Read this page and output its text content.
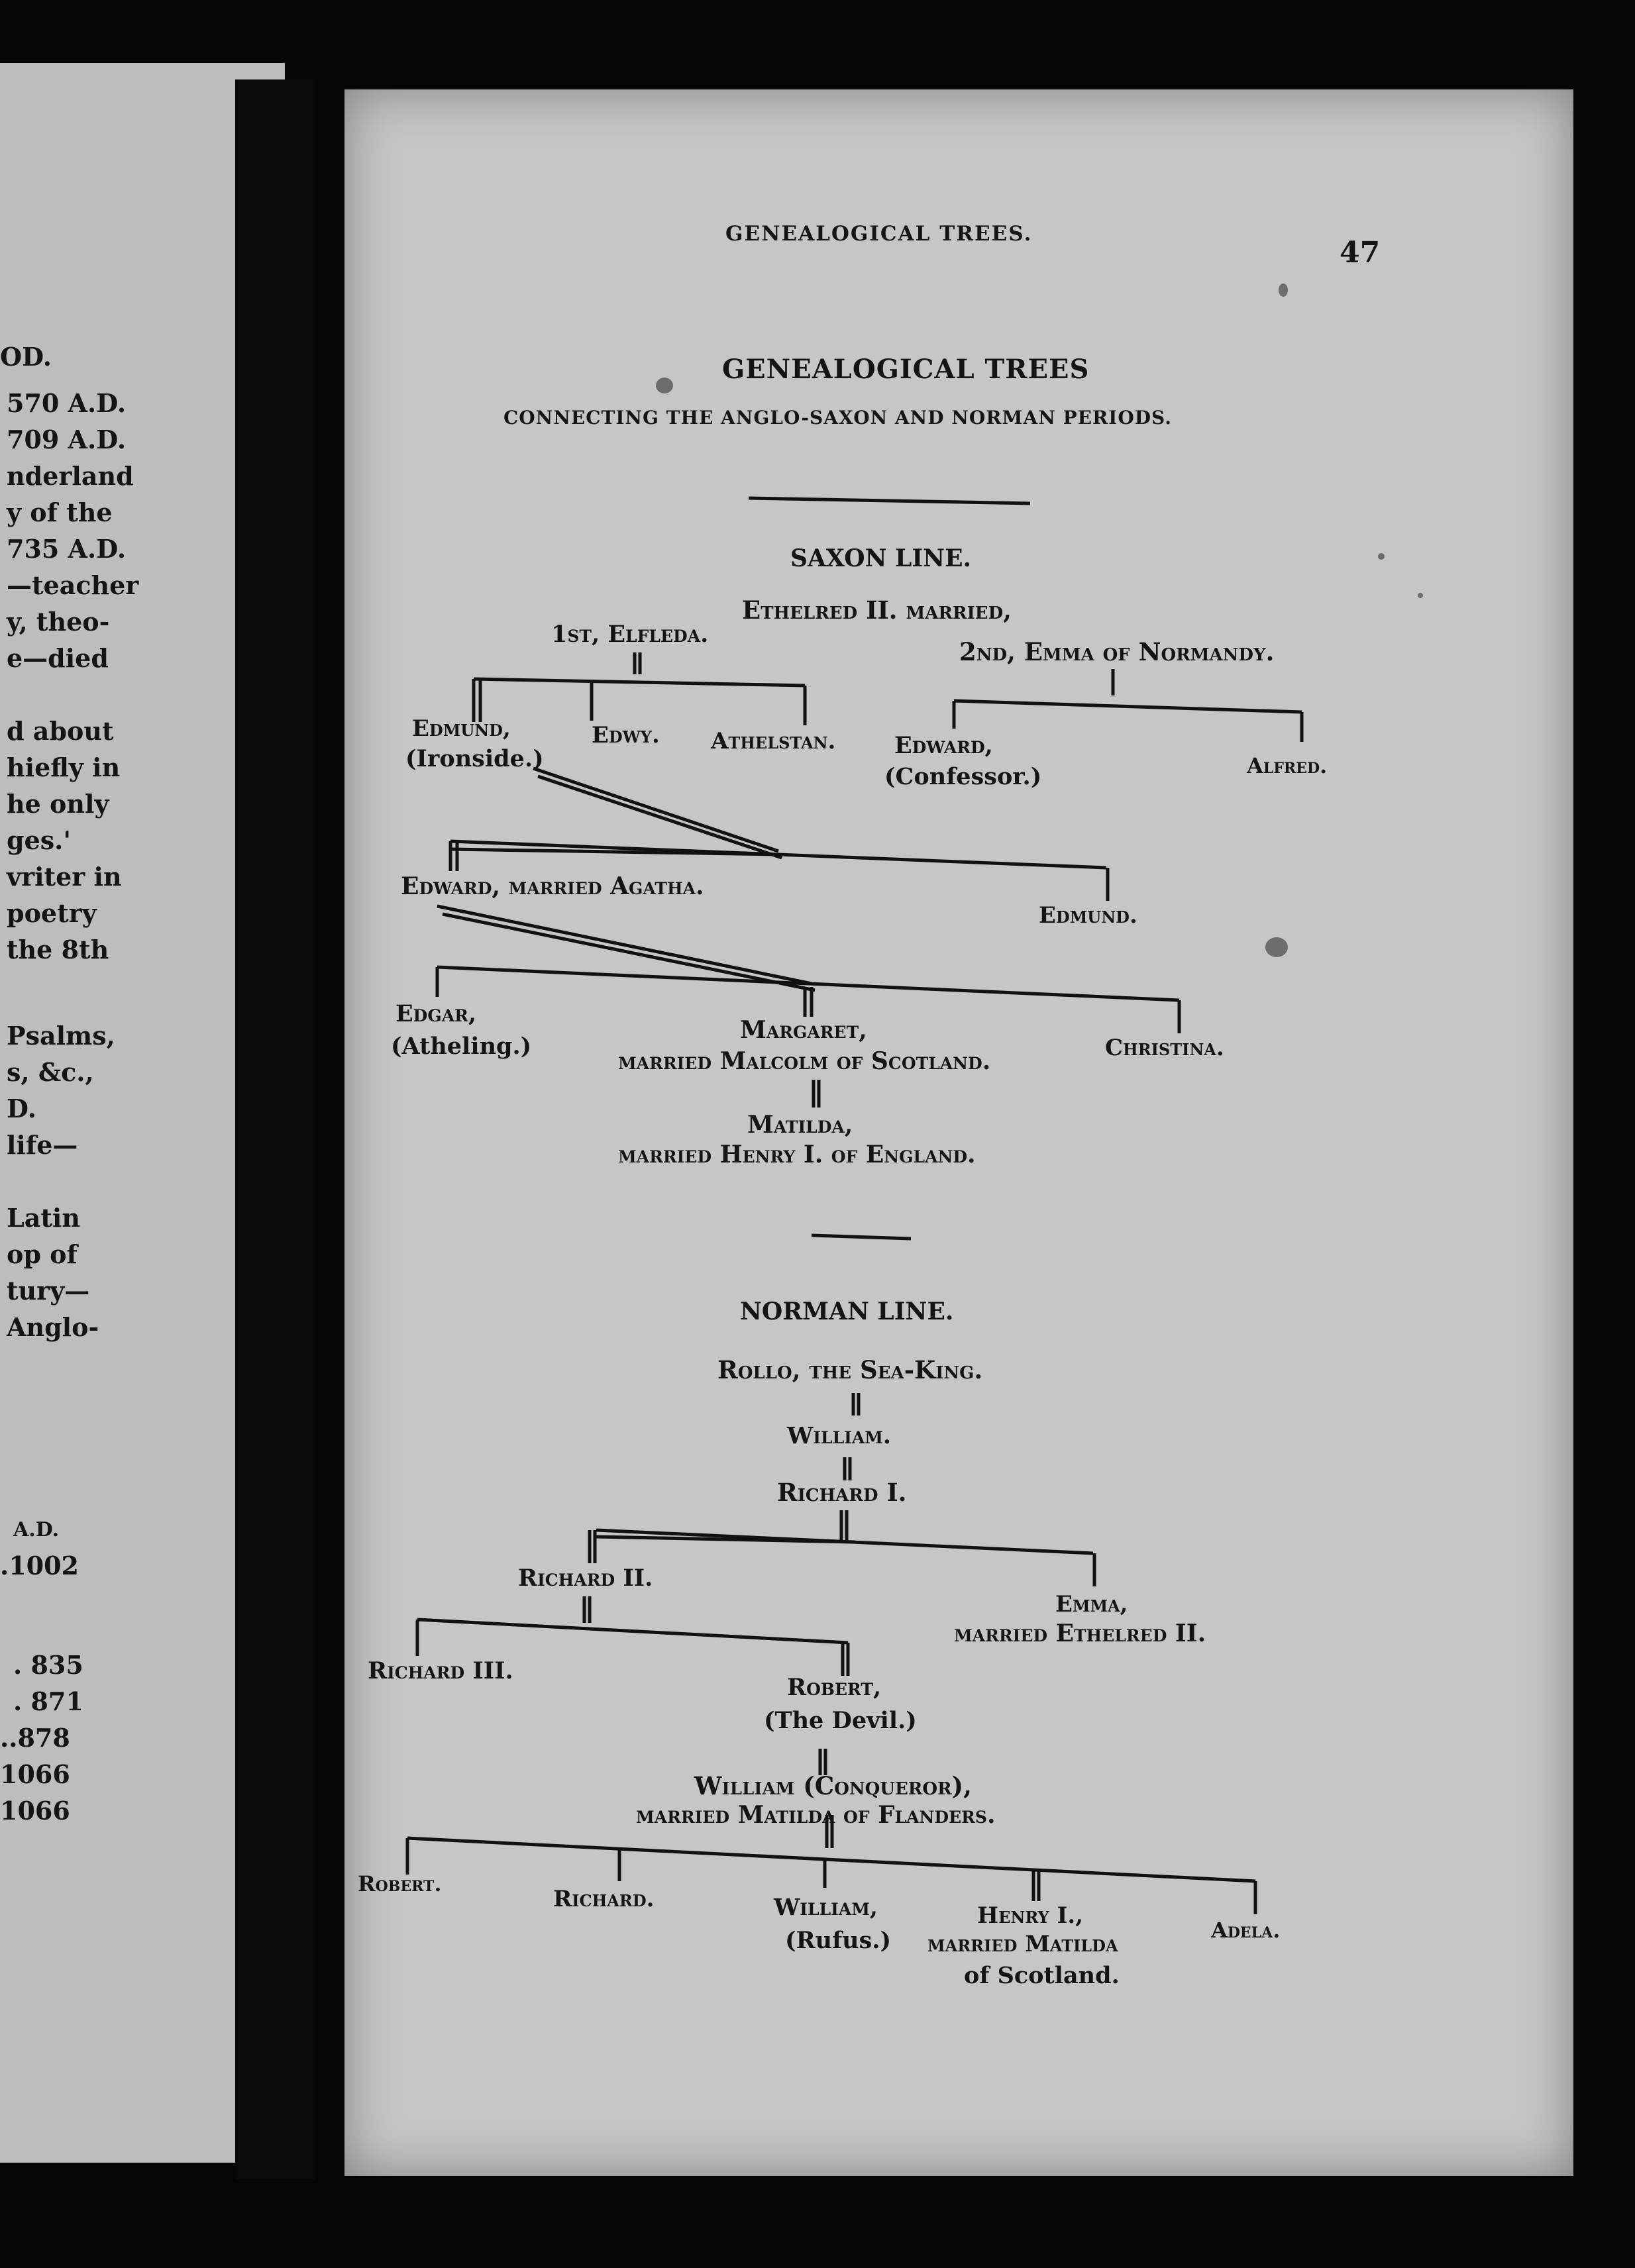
OD.
570 A.D.
709 A.D.
nderland
y of the
735 A.D.
—teacher
y, theo-
e—died
d about
hiefly in
he only
ges.'
vriter in
poetry
the 8th
Psalms,
s, &c.,
D.
life—
Latin
op of
tury—
Anglo-
A.D.
.1002
. 835
. 871
..878
1066
1066
GENEALOGICAL TREES.
47
GENEALOGICAL TREES
CONNECTING THE ANGLO-SAXON AND NORMAN PERIODS.
SAXON LINE.
Ethelred II. married,
1st, Elfleda.
2nd, Emma of Normandy.
Edmund,
(Ironside.)
Edwy. Athelstan.	Edward,
(Confessor.)	Alfred.
Edward, married Agatha.
Edmund.
Edgar,
(Atheling.)
Margaret,
married Malcolm of Scotland.	Christina.
Matilda,
married Henry I. of England.
NORMAN LINE.
Rollo, the Sea-King.
William.
Richard I.
Richard II.
Emma,
married Ethelred II.
Richard III.
Robert,
(The Devil.)
William (Conqueror),
married Matilda of Flanders.
Robert.
Richard.	William,
(Rufus.)
Henry I.,
married Matilda
of Scotland.
Adela.
